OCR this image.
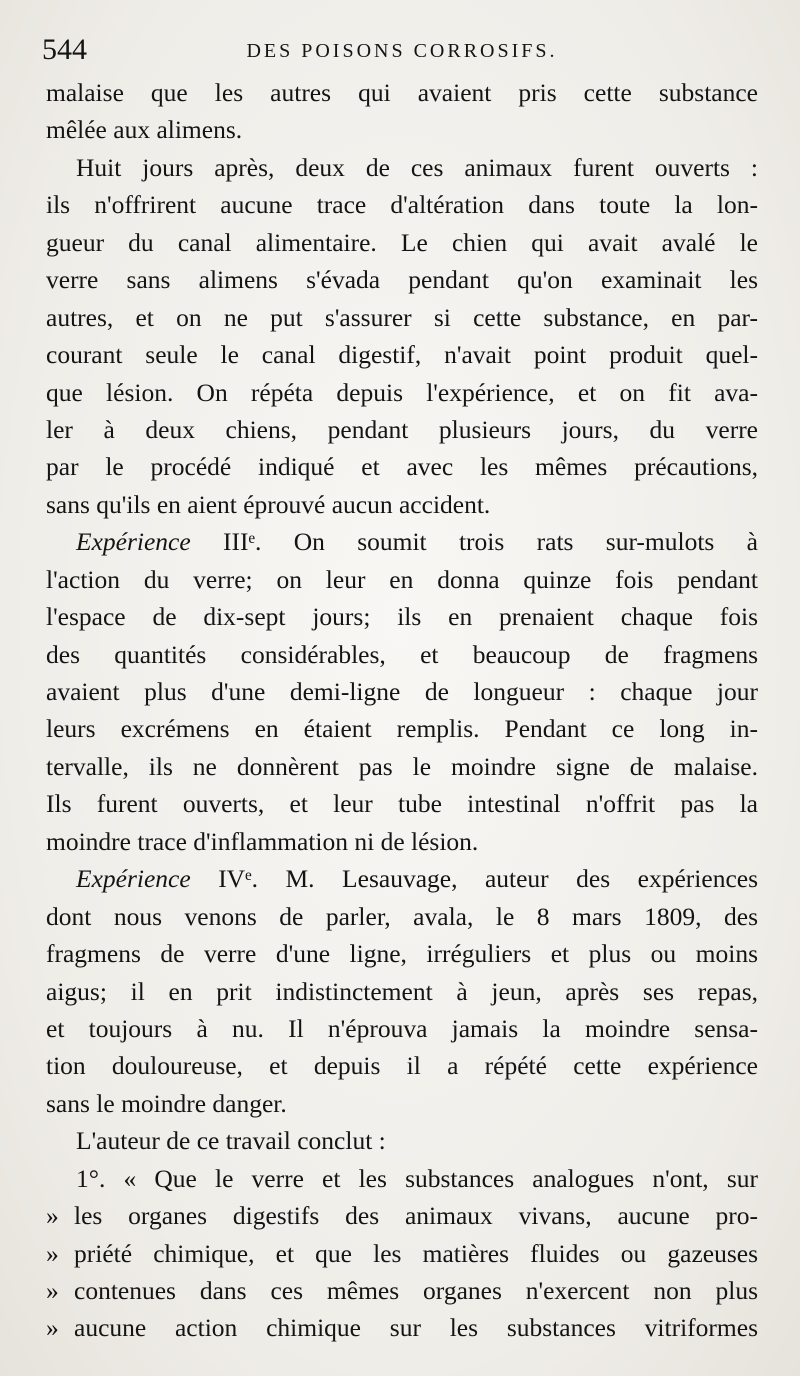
544	DES POISONS CORROSIFS.
malaise que les autres qui avaient pris cette substance
mêlée aux alimens.
Huit jours après, deux de ces animaux furent ouverts :
ils n'offrirent aucune trace d'altération dans toute la lon-
gueur du canal alimentaire. Le chien qui avait avalé le
verre sans alimens s'évada pendant qu'on examinait les
autres, et on ne put s'assurer si cette substance, en par-
courant seule le canal digestif, n'avait point produit quel-
que lésion. On répéta depuis l'expérience, et on fit ava-
ler à deux chiens, pendant plusieurs jours, du verre
par le procédé indiqué et avec les mêmes précautions,
sans qu'ils en aient éprouvé aucun accident.
Expérience IIIᵉ. On soumit trois rats sur-mulots à
l'action du verre; on leur en donna quinze fois pendant
l'espace de dix-sept jours; ils en prenaient chaque fois
des quantités considérables, et beaucoup de fragmens
avaient plus d'une demi-ligne de longueur : chaque jour
leurs excrémens en étaient remplis. Pendant ce long in-
tervalle, ils ne donnèrent pas le moindre signe de malaise.
Ils furent ouverts, et leur tube intestinal n'offrit pas la
moindre trace d'inflammation ni de lésion.
Expérience IVᵉ. M. Lesauvage, auteur des expériences
dont nous venons de parler, avala, le 8 mars 1809, des
fragmens de verre d'une ligne, irréguliers et plus ou moins
aigus; il en prit indistinctement à jeun, après ses repas,
et toujours à nu. Il n'éprouva jamais la moindre sensa-
tion douloureuse, et depuis il a répété cette expérience
sans le moindre danger.
L'auteur de ce travail conclut :
1°. « Que le verre et les substances analogues n'ont, sur
» les organes digestifs des animaux vivans, aucune pro-
» priété chimique, et que les matières fluides ou gazeuses
» contenues dans ces mêmes organes n'exercent non plus
» aucune action chimique sur les substances vitriformes
